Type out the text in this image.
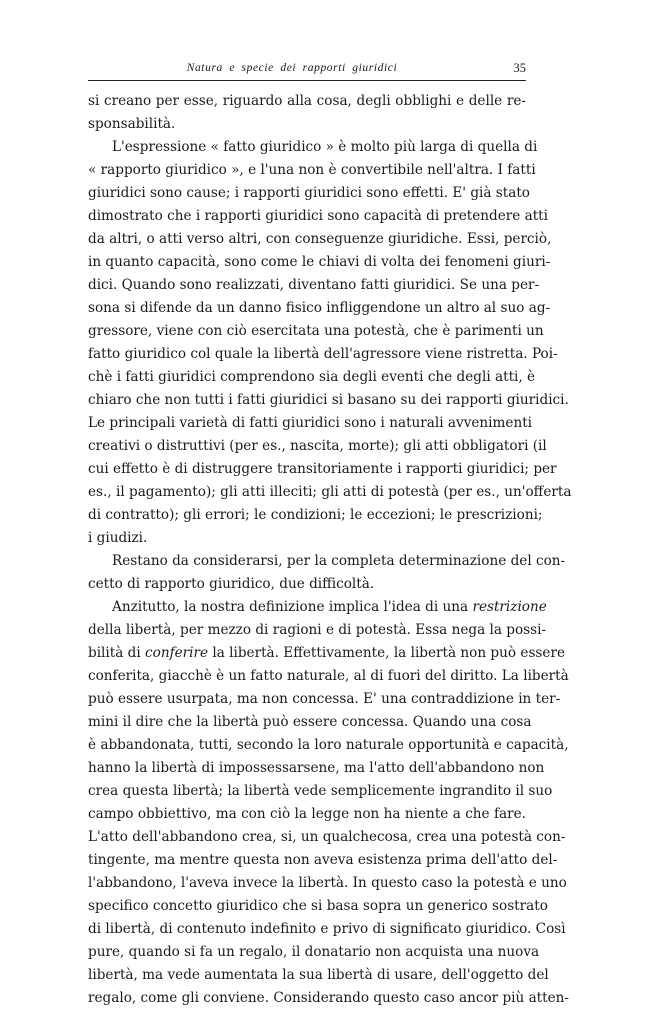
Natura e specie dei rapporti giuridici	35
si creano per esse, riguardo alla cosa, degli obblighi e delle re-
sponsabilità.
L'espressione « fatto giuridico » è molto più larga di quella di
« rapporto giuridico », e l'una non è convertibile nell'altra. I fatti
giuridici sono cause; i rapporti giuridici sono effetti. E' già stato
dimostrato che i rapporti giuridici sono capacità di pretendere atti
da altri, o atti verso altri, con conseguenze giuridiche. Essi, perciò,
in quanto capacità, sono come le chiavi di volta dei fenomeni giuri-
dici. Quando sono realizzati, diventano fatti giuridici. Se una per-
sona si difende da un danno fisico infliggendone un altro al suo ag-
gressore, viene con ciò esercitata una potestà, che è parimenti un
fatto giuridico col quale la libertà dell'agressore viene ristretta. Poi-
chè i fatti giuridici comprendono sia degli eventi che degli atti, è
chiaro che non tutti i fatti giuridici si basano su dei rapporti giuridici.
Le principali varietà di fatti giuridici sono i naturali avvenimenti
creativi o distruttivi (per es., nascita, morte); gli atti obbligatori (il
cui effetto è di distruggere transitoriamente i rapporti giuridici; per
es., il pagamento); gli atti illeciti; gli atti di potestà (per es., un'offerta
di contratto); gli errori; le condizioni; le eccezioni; le prescrizioni;
i giudizi.
Restano da considerarsi, per la completa determinazione del con-
cetto di rapporto giuridico, due difficoltà.
Anzitutto, la nostra definizione implica l'idea di una restrizione
della libertà, per mezzo di ragioni e di potestà. Essa nega la possi-
bilità di conferire la libertà. Effettivamente, la libertà non può essere
conferita, giacchè è un fatto naturale, al di fuori del diritto. La libertà
può essere usurpata, ma non concessa. E' una contraddizione in ter-
mini il dire che la libertà può essere concessa. Quando una cosa
è abbandonata, tutti, secondo la loro naturale opportunità e capacità,
hanno la libertà di impossessarsene, ma l'atto dell'abbandono non
crea questa libertà; la libertà vede semplicemente ingrandito il suo
campo obbiettivo, ma con ciò la legge non ha niente a che fare.
L'atto dell'abbandono crea, si, un qualchecosa, crea una potestà con-
tingente, ma mentre questa non aveva esistenza prima dell'atto del-
l'abbandono, l'aveva invece la libertà. In questo caso la potestà e uno
specifico concetto giuridico che si basa sopra un generico sostrato
di libertà, di contenuto indefinito e privo di significato giuridico. Così
pure, quando si fa un regalo, il donatario non acquista una nuova
libertà, ma vede aumentata la sua libertà di usare, dell'oggetto del
regalo, come gli conviene. Considerando questo caso ancor più atten-
